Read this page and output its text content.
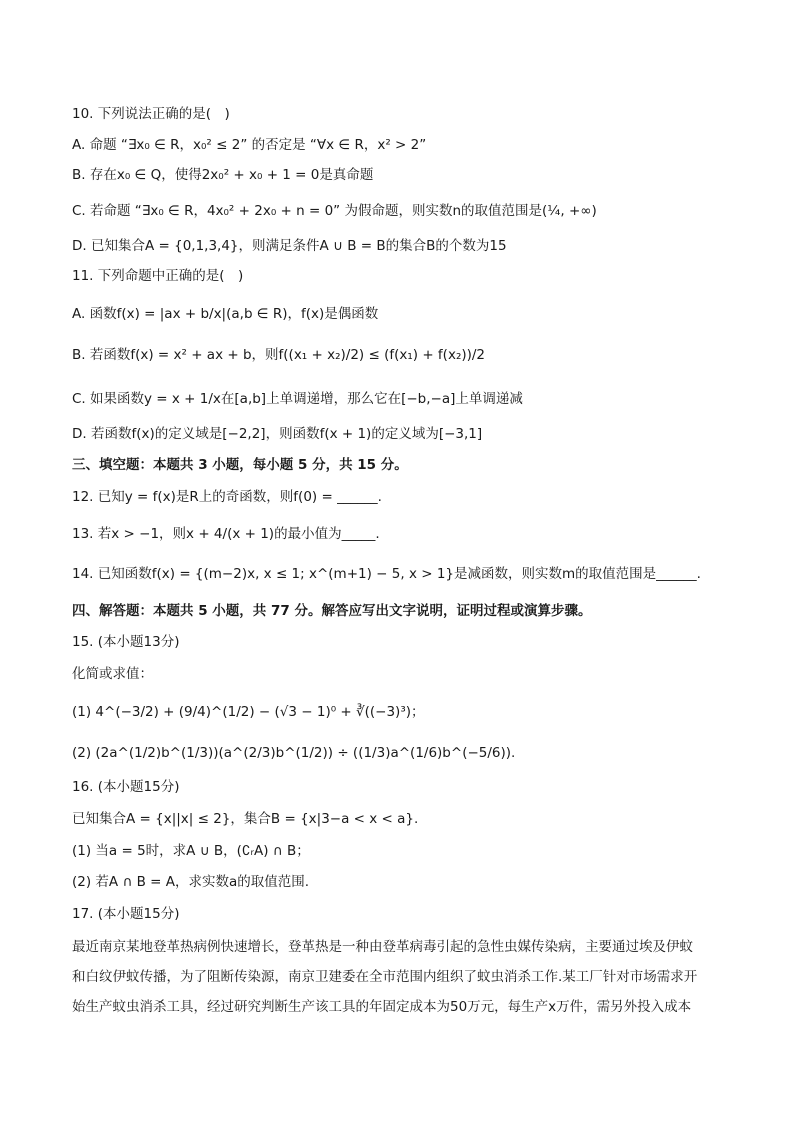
10. 下列说法正确的是(　)
A. 命题 “∃x₀ ∈ R，x₀² ≤ 2” 的否定是 “∀x ∈ R，x² > 2”
B. 存在x₀ ∈ Q，使得2x₀² + x₀ + 1 = 0是真命题
C. 若命题 “∃x₀ ∈ R，4x₀² + 2x₀ + n = 0” 为假命题，则实数n的取值范围是(¼, +∞)
D. 已知集合A = {0,1,3,4}，则满足条件A ∪ B = B的集合B的个数为15
11. 下列命题中正确的是(　)
A. 函数f(x) = |ax + b/x|(a,b ∈ R)，f(x)是偶函数
B. 若函数f(x) = x² + ax + b，则f((x₁ + x₂)/2) ≤ (f(x₁) + f(x₂))/2
C. 如果函数y = x + 1/x在[a,b]上单调递增，那么它在[−b,−a]上单调递减
D. 若函数f(x)的定义域是[−2,2]，则函数f(x + 1)的定义域为[−3,1]
三、填空题：本题共 3 小题，每小题 5 分，共 15 分。
12. 已知y = f(x)是R上的奇函数，则f(0) = ______.
13. 若x > −1，则x + 4/(x + 1)的最小值为_____.
14. 已知函数f(x) = {(m−2)x, x ≤ 1; x^(m+1) − 5, x > 1}是减函数，则实数m的取值范围是______.
四、解答题：本题共 5 小题，共 77 分。解答应写出文字说明，证明过程或演算步骤。
15. (本小题13分)
化简或求值：
(1) 4^(−3/2) + (9/4)^(1/2) − (√3 − 1)⁰ + ∛((−3)³)；
(2) (2a^(1/2)b^(1/3))(a^(2/3)b^(1/2)) ÷ ((1/3)a^(1/6)b^(−5/6)).
16. (本小题15分)
已知集合A = {x||x| ≤ 2}，集合B = {x|3−a < x < a}.
(1) 当a = 5时，求A ∪ B，(∁ᵣA) ∩ B；
(2) 若A ∩ B = A，求实数a的取值范围.
17. (本小题15分)
最近南京某地登革热病例快速增长，登革热是一种由登革病毒引起的急性虫媒传染病，主要通过埃及伊蚊
和白纹伊蚊传播，为了阻断传染源，南京卫建委在全市范围内组织了蚊虫消杀工作.某工厂针对市场需求开
始生产蚊虫消杀工具，经过研究判断生产该工具的年固定成本为50万元，每生产x万件，需另外投入成本
